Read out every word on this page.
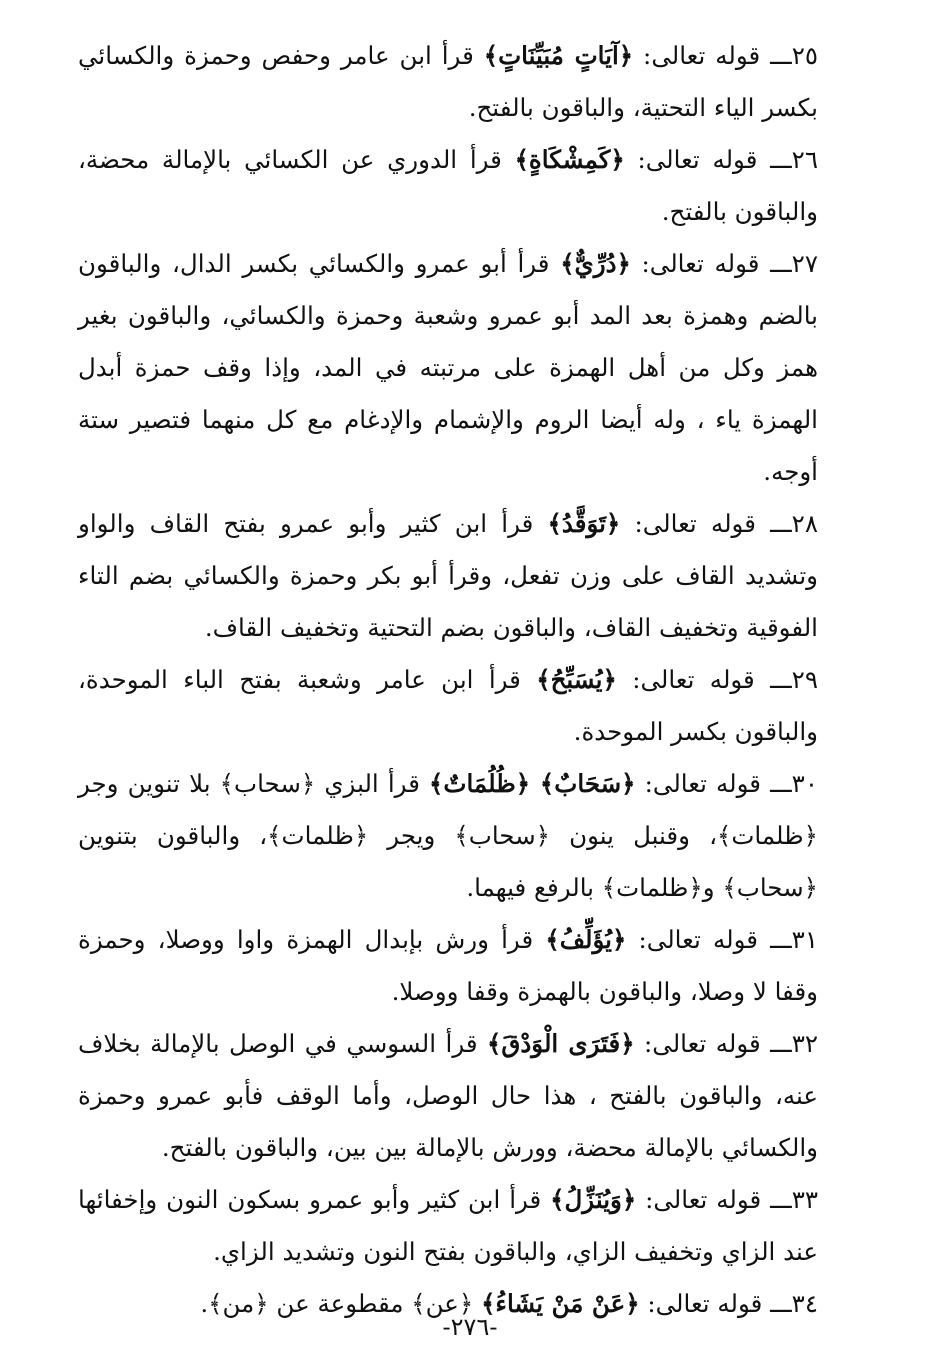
٢٥ـــ قوله تعالى: ﴿آيَاتٍ مُبَيِّنَاتٍ﴾ قرأ ابن عامر وحفص وحمزة والكسائي بكسر الياء التحتية، والباقون بالفتح.

٢٦ـــ قوله تعالى: ﴿كَمِشْكَاةٍ﴾ قرأ الدوري عن الكسائي بالإمالة محضة، والباقون بالفتح.

٢٧ـــ قوله تعالى: ﴿دُرِّيٌّ﴾ قرأ أبو عمرو والكسائي بكسر الدال، والباقون بالضم وهمزة بعد المد أبو عمرو وشعبة وحمزة والكسائي، والباقون بغير همز وكل من أهل الهمزة على مرتبته في المد، وإذا وقف حمزة أبدل الهمزة ياء ، وله أيضا الروم والإشمام والإدغام مع كل منهما فتصير ستة أوجه.

٢٨ـــ قوله تعالى: ﴿تَوَقَّدُ﴾ قرأ ابن كثير وأبو عمرو بفتح القاف والواو وتشديد القاف على وزن تفعل، وقرأ أبو بكر وحمزة والكسائي بضم التاء الفوقية وتخفيف القاف، والباقون بضم التحتية وتخفيف القاف.

٢٩ـــ قوله تعالى: ﴿يُسَبِّحُ﴾ قرأ ابن عامر وشعبة بفتح الباء الموحدة، والباقون بكسر الموحدة.

٣٠ـــ قوله تعالى: ﴿سَحَابٌ﴾ ﴿ظُلُمَاتٌ﴾ قرأ البزي ﴿سحاب﴾ بلا تنوين وجر ﴿ظلمات﴾، وقنبل ينون ﴿سحاب﴾ ويجر ﴿ظلمات﴾، والباقون بتنوين ﴿سحاب﴾ و﴿ظلمات﴾ بالرفع فيهما.

٣١ـــ قوله تعالى: ﴿يُؤَلِّفُ﴾ قرأ ورش بإبدال الهمزة واوا ووصلا، وحمزة وقفا لا وصلا، والباقون بالهمزة وقفا ووصلا.

٣٢ـــ قوله تعالى: ﴿فَتَرَى الْوَدْقَ﴾ قرأ السوسي في الوصل بالإمالة بخلاف عنه، والباقون بالفتح ، هذا حال الوصل، وأما الوقف فأبو عمرو وحمزة والكسائي بالإمالة محضة، وورش بالإمالة بين بين، والباقون بالفتح.

٣٣ـــ قوله تعالى: ﴿وَيُنَزِّلُ﴾ قرأ ابن كثير وأبو عمرو بسكون النون وإخفائها عند الزاي وتخفيف الزاي، والباقون بفتح النون وتشديد الزاي.

٣٤ـــ قوله تعالى: ﴿عَنْ مَنْ يَشَاءُ﴾ ﴿عن﴾ مقطوعة عن ﴿من﴾.

-٢٧٦-
